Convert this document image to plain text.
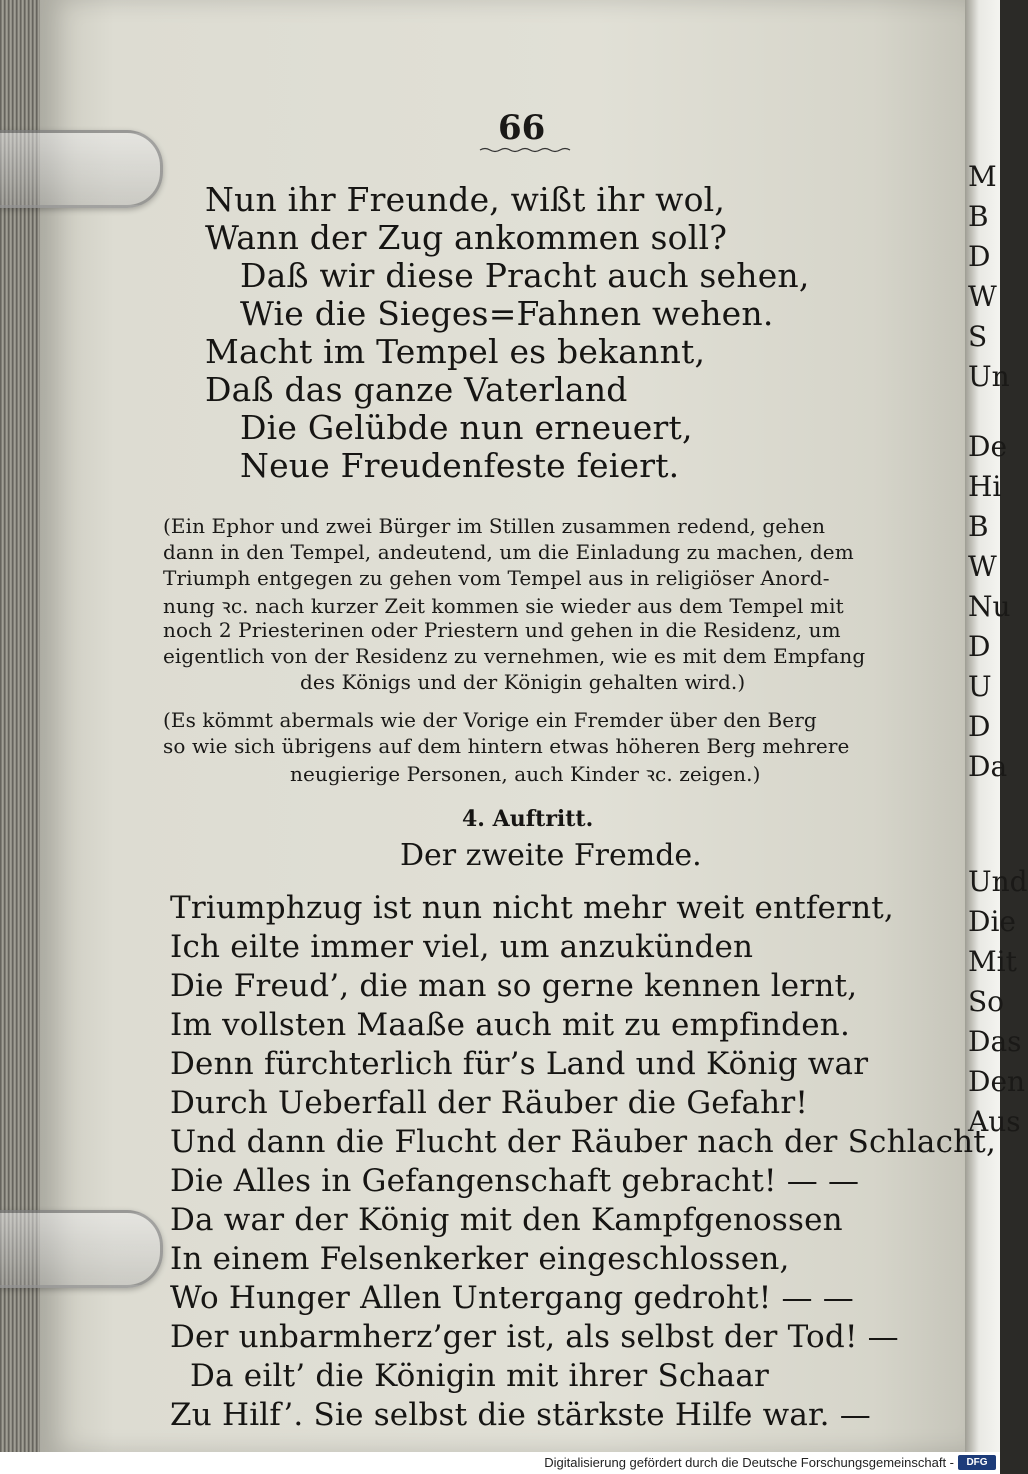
66
Nun ihr Freunde, wißt ihr wol,
Wann der Zug ankommen soll?
Daß wir diese Pracht auch sehen,
Wie die Sieges=Fahnen wehen.
Macht im Tempel es bekannt,
Daß das ganze Vaterland
Die Gelübde nun erneuert,
Neue Freudenfeste feiert.
(Ein Ephor und zwei Bürger im Stillen zusammen redend, gehen
dann in den Tempel, andeutend, um die Einladung zu machen, dem
Triumph entgegen zu gehen vom Tempel aus in religiöser Anord-
nung ꝛc. nach kurzer Zeit kommen sie wieder aus dem Tempel mit
noch 2 Priesterinen oder Priestern und gehen in die Residenz, um
eigentlich von der Residenz zu vernehmen, wie es mit dem Empfang
des Königs und der Königin gehalten wird.)
(Es kömmt abermals wie der Vorige ein Fremder über den Berg
so wie sich übrigens auf dem hintern etwas höheren Berg mehrere
neugierige Personen, auch Kinder ꝛc. zeigen.)
4. Auftritt.
Der zweite Fremde.
Triumphzug ist nun nicht mehr weit entfernt,
Ich eilte immer viel, um anzukünden
Die Freud’, die man so gerne kennen lernt,
Im vollsten Maaße auch mit zu empfinden.
Denn fürchterlich für’s Land und König war
Durch Ueberfall der Räuber die Gefahr!
Und dann die Flucht der Räuber nach der Schlacht,
Die Alles in Gefangenschaft gebracht! — —
Da war der König mit den Kampfgenossen
In einem Felsenkerker eingeschlossen,
Wo Hunger Allen Untergang gedroht! — —
Der unbarmherz’ger ist, als selbst der Tod! —
Da eilt’ die Königin mit ihrer Schaar
Zu Hilf’. Sie selbst die stärkste Hilfe war. —
M
B
D
W
S
Un
De
Hi
B
W
Nu
D
U
D
Da
Und
Die
Mit
So
Das
Den
Aus
Digitalisierung gefördert durch die Deutsche Forschungsgemeinschaft -	DFG
